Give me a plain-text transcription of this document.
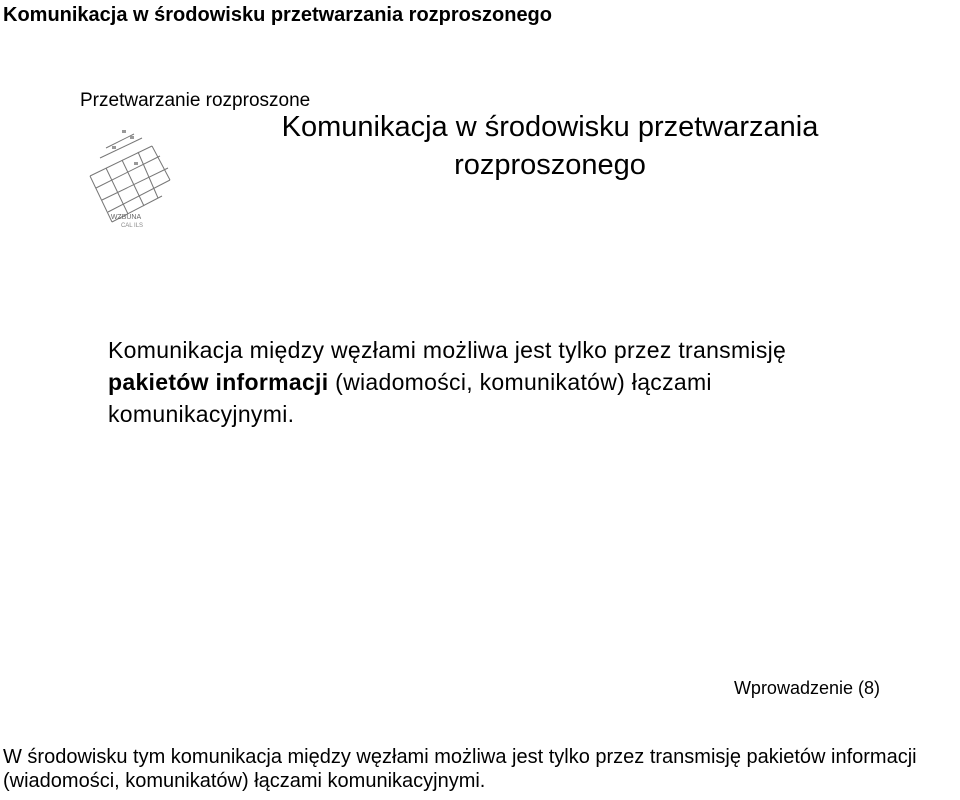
Komunikacja w środowisku przetwarzania rozproszonego
Przetwarzanie rozproszone
WZBUNA
CAL ILS
Komunikacja w środowisku przetwarzania rozproszonego
Komunikacja między węzłami możliwa jest tylko przez transmisję pakietów informacji (wiadomości, komunikatów) łączami komunikacyjnymi.
Wprowadzenie (8)
W środowisku tym komunikacja między węzłami możliwa jest tylko przez transmisję pakietów informacji (wiadomości, komunikatów) łączami komunikacyjnymi.
